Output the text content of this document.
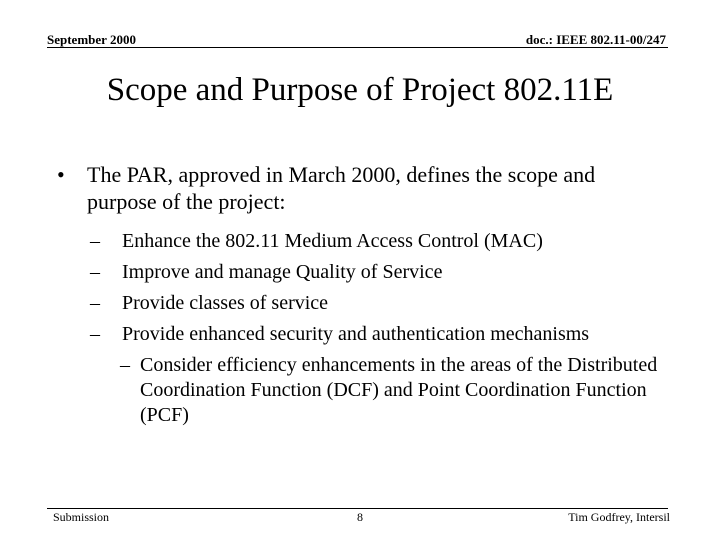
September 2000	doc.: IEEE 802.11-00/247
Scope and Purpose of Project 802.11E
•	The PAR, approved in March 2000, defines the scope and purpose of the project:
–	Enhance the 802.11 Medium Access Control (MAC)
–	Improve and manage Quality of Service
–	Provide classes of service
–	Provide enhanced security and authentication mechanisms
– Consider efficiency enhancements in the areas of the Distributed Coordination Function (DCF) and Point Coordination Function (PCF)
Submission	8	Tim Godfrey, Intersil
